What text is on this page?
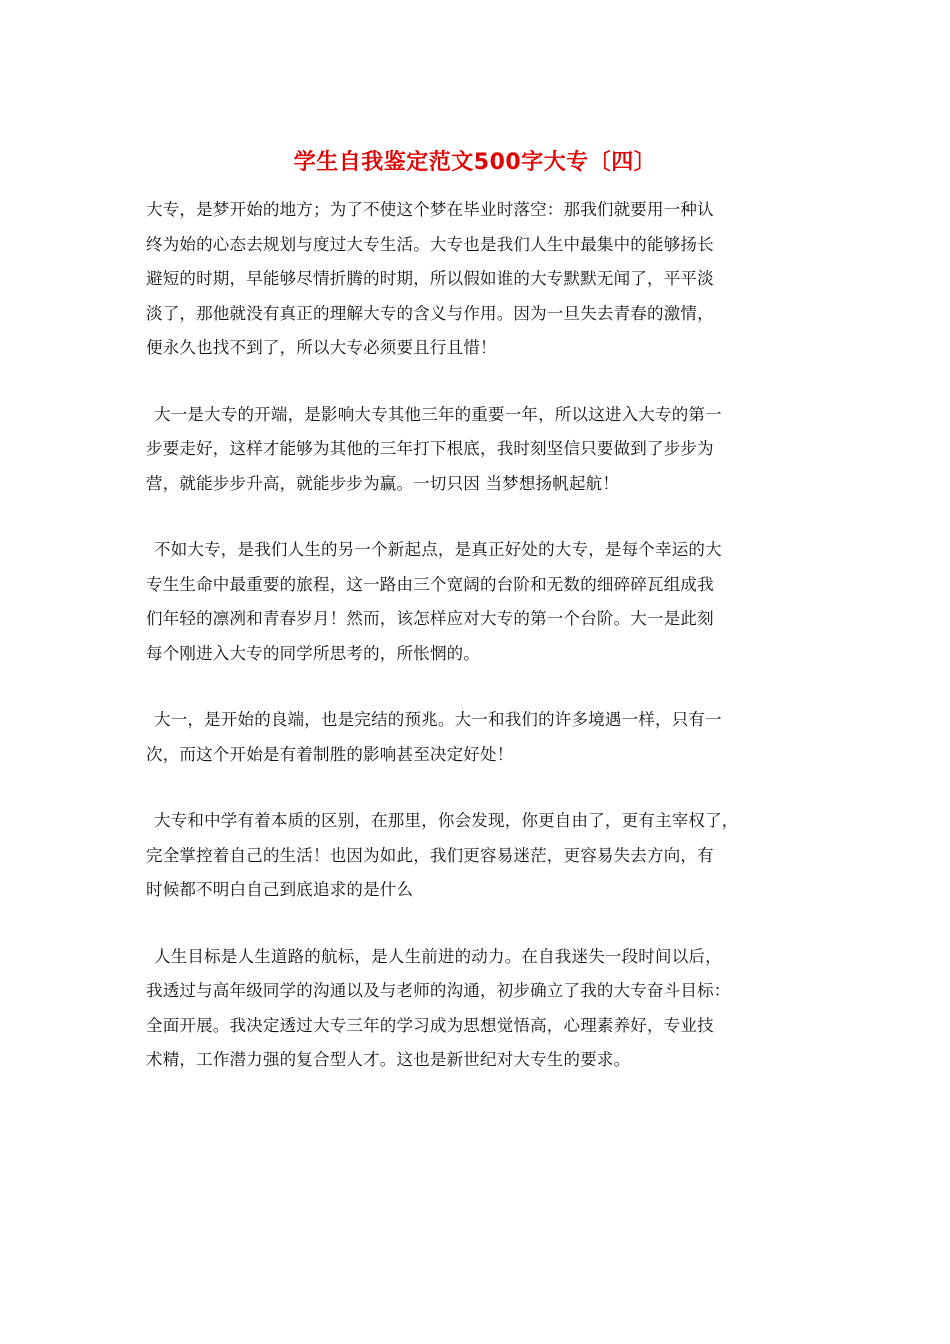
学生自我鉴定范文500字大专〔四〕

大专，是梦开始的地方；为了不使这个梦在毕业时落空：那我们就要用一种认
终为始的心态去规划与度过大专生活。大专也是我们人生中最集中的能够扬长
避短的时期，早能够尽情折腾的时期，所以假如谁的大专默默无闻了，平平淡
淡了，那他就没有真正的理解大专的含义与作用。因为一旦失去青春的激情，
便永久也找不到了，所以大专必须要且行且惜！

大一是大专的开端，是影响大专其他三年的重要一年，所以这进入大专的第一
步要走好，这样才能够为其他的三年打下根底，我时刻坚信只要做到了步步为
营，就能步步升高，就能步步为赢。一切只因 当梦想扬帆起航！

不如大专，是我们人生的另一个新起点，是真正好处的大专，是每个幸运的大
专生生命中最重要的旅程，这一路由三个宽阔的台阶和无数的细碎碎瓦组成我
们年轻的凛冽和青春岁月！然而，该怎样应对大专的第一个台阶。大一是此刻
每个刚进入大专的同学所思考的，所怅惘的。

大一，是开始的良端，也是完结的预兆。大一和我们的许多境遇一样，只有一
次，而这个开始是有着制胜的影响甚至决定好处！

大专和中学有着本质的区别，在那里，你会发现，你更自由了，更有主宰权了，
完全掌控着自己的生活！也因为如此，我们更容易迷茫，更容易失去方向，有
时候都不明白自己到底追求的是什么

人生目标是人生道路的航标，是人生前进的动力。在自我迷失一段时间以后，
我透过与高年级同学的沟通以及与老师的沟通，初步确立了我的大专奋斗目标：
全面开展。我决定透过大专三年的学习成为思想觉悟高，心理素养好，专业技
术精，工作潜力强的复合型人才。这也是新世纪对大专生的要求。
